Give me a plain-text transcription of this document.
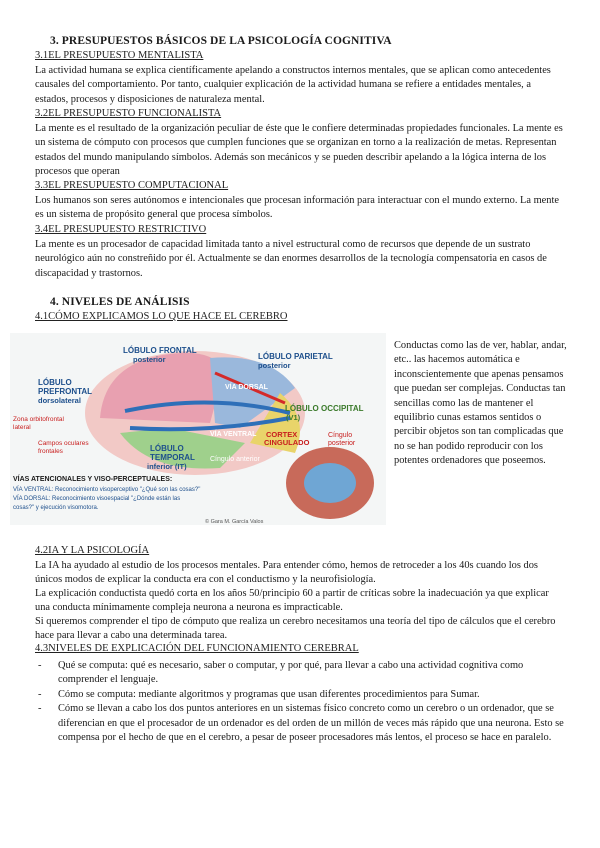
3. PRESUPUESTOS BÁSICOS DE LA PSICOLOGÍA COGNITIVA
3.1EL PRESUPUESTO MENTALISTA
La actividad humana se explica científicamente apelando a constructos internos mentales, que se aplican como antecedentes causales del comportamiento. Por tanto, cualquier explicación de la actividad humana se refiere a entidades mentales, a estados, procesos y disposiciones de naturaleza mental.
3.2EL PRESUPUESTO FUNCIONALISTA
La mente es el resultado de la organización peculiar de éste que le confiere determinadas propiedades funcionales. La mente es un sistema de cómputo con procesos que cumplen funciones que se organizan en torno a la realización de metas. Representan estados del mundo manipulando símbolos. Además son mecánicos y se pueden describir apelando a la lógica interna de los procesos que operan
3.3EL PRESUPUESTO COMPUTACIONAL
Los humanos son seres autónomos e intencionales que procesan información para interactuar con el mundo externo. La mente es un sistema de propósito general que procesa símbolos.
3.4EL PRESUPUESTO RESTRICTIVO
La mente es un procesador de capacidad limitada tanto a nivel estructural como de recursos que depende de un sustrato neurológico aún no constreñido por él. Actualmente se dan enormes desarrollos de la tecnología compensatoria en casos de discapacidad y trastornos.
4. NIVELES DE ANÁLISIS
4.1CÓMO EXPLICAMOS LO QUE HACE EL CEREBRO
LÓBULO FRONTAL
posterior	LÓBULO PARIETAL
posterior
LÓBULO
PREFRONTAL
dorsolateral
VÍA DORSAL
VÍA VENTRAL
LÓBULO OCCIPITAL
(V1)
Zona orbitofrontal
lateral
Campos oculares
frontales	LÓBULO
TEMPORAL
inferior (IT)
CORTEX
CINGULADO
Cíngulo
posterior
Cíngulo anterior
VÍAS ATENCIONALES Y VISO-PERCEPTUALES:
VÍA VENTRAL: Reconocimiento visoperceptivo "¿Qué son las cosas?"
VÍA DORSAL: Reconocimiento visoespacial "¿Dónde están las
cosas?" y ejecución visomotora.
© Gara M. García Valos
Conductas como las de ver, hablar, andar, etc.. las hacemos automática e inconscientemente que apenas pensamos que puedan ser complejas. Conductas tan sencillas como las de mantener el equilibrio cunas estamos sentidos o percibir objetos son tan complicadas que no se han podido reproducir con los potentes ordenadores que poseemos.
4.2IA Y LA PSICOLOGÍA
La IA ha ayudado al estudio de los procesos mentales. Para entender cómo, hemos de retroceder a los 40s cuando los dos únicos modos de explicar la conducta era con el conductismo y la neurofisiología.
La explicación conductista quedó corta en los años 50/principio 60 a partir de críticas sobre la inadecuación ya que explicar una conducta mínimamente compleja neurona a neurona es impracticable.
Si queremos comprender el tipo de cómputo que realiza un cerebro necesitamos una teoría del tipo de cálculos que el cerebro hace para llevar a cabo una determinada tarea.
4.3NIVELES DE EXPLICACIÓN DEL FUNCIONAMIENTO CEREBRAL
- Qué se computa: qué es necesario, saber o computar, y por qué, para llevar a cabo una actividad cognitiva como comprender el lenguaje.
- Cómo se computa: mediante algoritmos y programas que usan diferentes procedimientos para Sumar.
- Cómo se llevan a cabo los dos puntos anteriores en un sistemas físico concreto como un cerebro o un ordenador, que se diferencian en que el procesador de un ordenador es del orden de un millón de veces más rápido que una neurona. Esto se compensa por el hecho de que en el cerebro, a pesar de poseer procesadores más lentos, el proceso se hace en paralelo.
